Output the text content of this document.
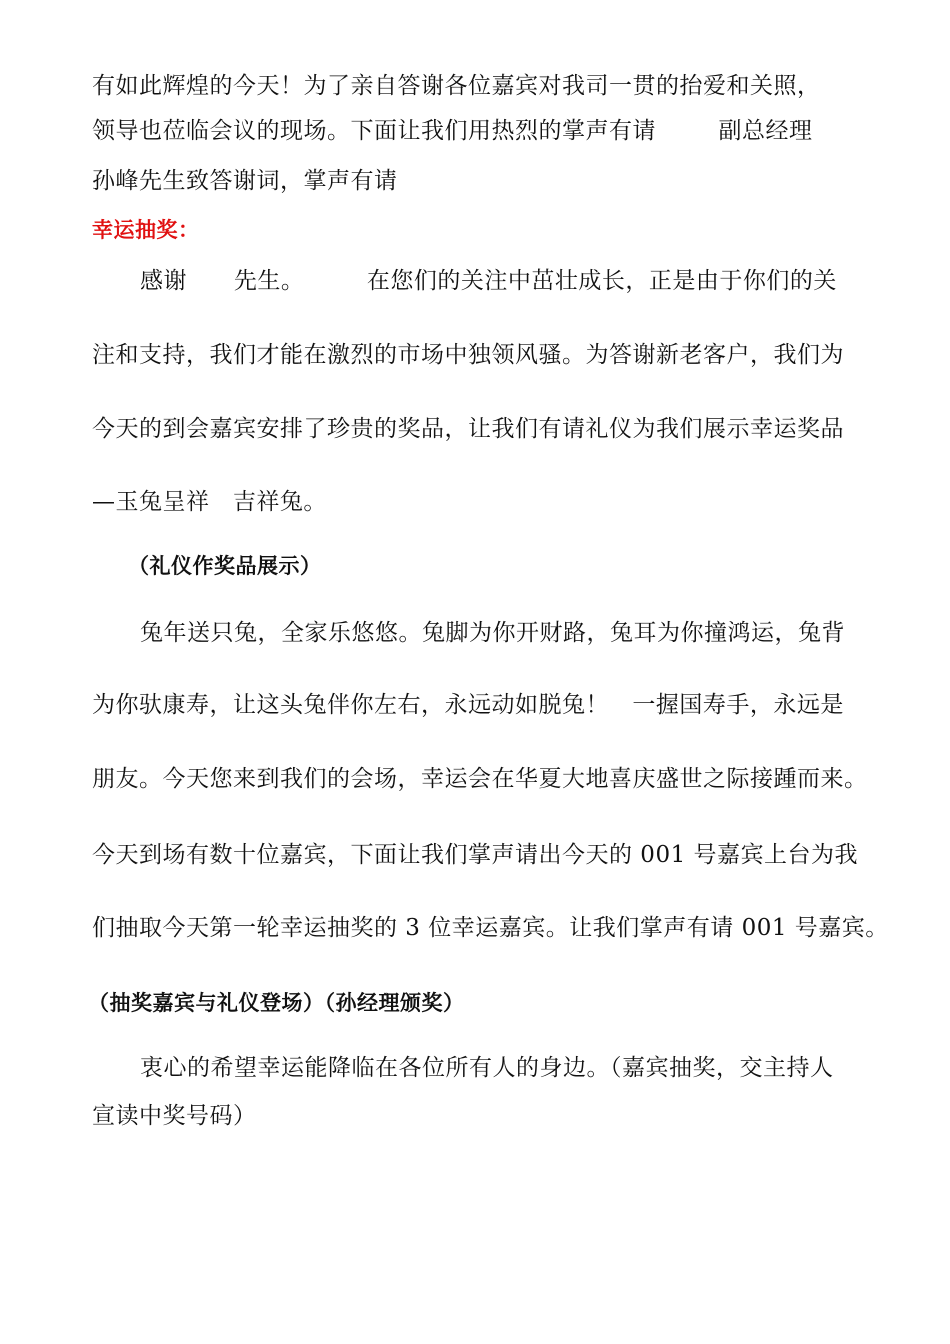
有如此辉煌的今天！为了亲自答谢各位嘉宾对我司一贯的抬爱和关照，
领导也莅临会议的现场。下面让我们用热烈的掌声有请        副总经理
孙峰先生致答谢词，掌声有请
幸运抽奖：
感谢      先生。        在您们的关注中茁壮成长，正是由于你们的关
注和支持，我们才能在激烈的市场中独领风骚。为答谢新老客户，我们为
今天的到会嘉宾安排了珍贵的奖品，让我们有请礼仪为我们展示幸运奖品
—玉兔呈祥   吉祥兔。
（礼仪作奖品展示）
兔年送只兔，全家乐悠悠。兔脚为你开财路，兔耳为你撞鸿运，兔背
为你驮康寿，让这头兔伴你左右，永远动如脱兔！   一握国寿手，永远是
朋友。今天您来到我们的会场，幸运会在华夏大地喜庆盛世之际接踵而来。
今天到场有数十位嘉宾，下面让我们掌声请出今天的 001 号嘉宾上台为我
们抽取今天第一轮幸运抽奖的 3 位幸运嘉宾。让我们掌声有请 001 号嘉宾。
（抽奖嘉宾与礼仪登场）（孙经理颁奖）
衷心的希望幸运能降临在各位所有人的身边。（嘉宾抽奖，交主持人
宣读中奖号码）
